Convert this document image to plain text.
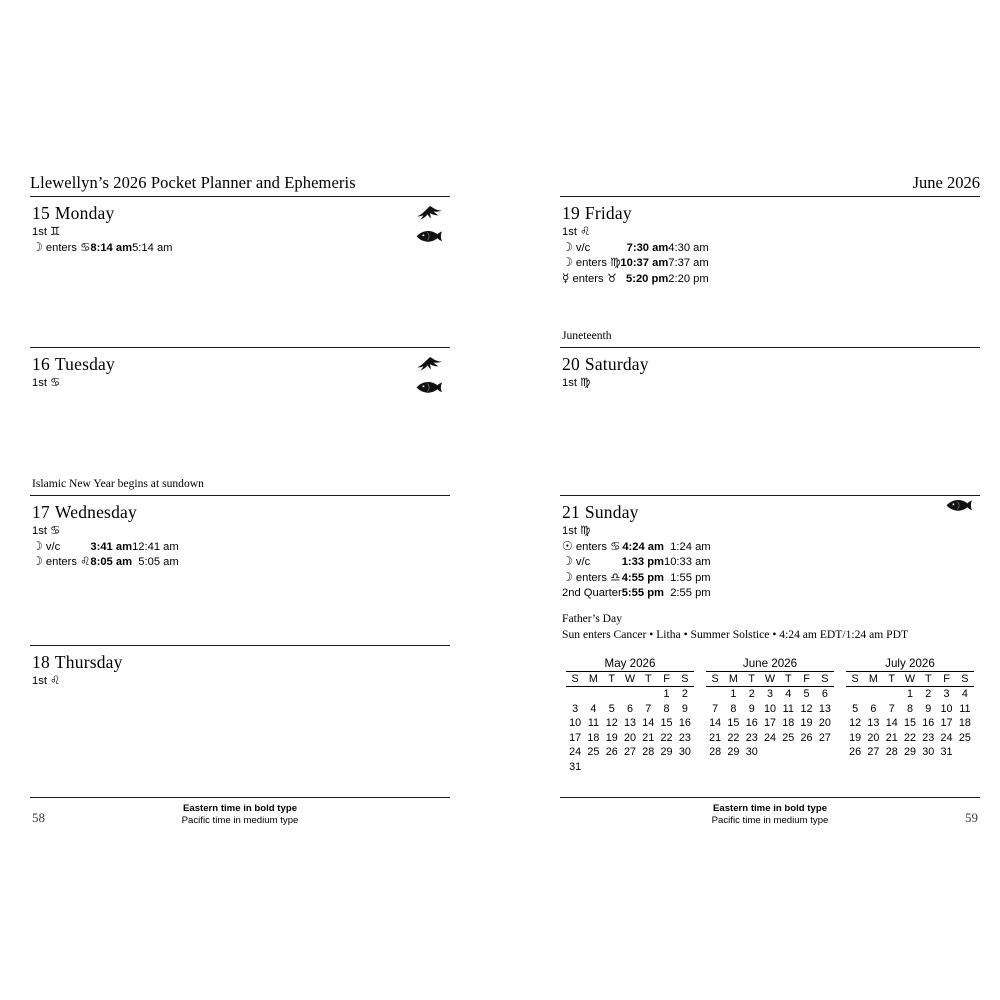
Llewellyn’s 2026 Pocket Planner and Ephemeris
15 Monday
1st ♊
☽ enters ♋	8:14 am	5:14 am
16 Tuesday
1st ♋
Islamic New Year begins at sundown
17 Wednesday
1st ♋
☽ v/c	3:41 am	12:41 am
☽ enters ♌	8:05 am	5:05 am
18 Thursday
1st ♌
Eastern time in bold type
Pacific time in medium type
58
June 2026
19 Friday
1st ♌
☽ v/c	7:30 am	4:30 am
☽ enters ♍	10:37 am	7:37 am
☿ enters ♉	5:20 pm	2:20 pm
Juneteenth
20 Saturday
1st ♍
21 Sunday
1st ♍
☉ enters ♋	4:24 am	1:24 am
☽ v/c	1:33 pm	10:33 am
☽ enters ♎	4:55 pm	1:55 pm
2nd Quarter	5:55 pm	2:55 pm
Father’s Day
Sun enters Cancer • Litha • Summer Solstice • 4:24 am EDT/1:24 am PDT
May 2026
S	M	T	W	T	F	S
					1	2
3	4	5	6	7	8	9
10	11	12	13	14	15	16
17	18	19	20	21	22	23
24	25	26	27	28	29	30
31						
June 2026
S	M	T	W	T	F	S
	1	2	3	4	5	6
7	8	9	10	11	12	13
14	15	16	17	18	19	20
21	22	23	24	25	26	27
28	29	30				

July 2026
S	M	T	W	T	F	S
			1	2	3	4
5	6	7	8	9	10	11
12	13	14	15	16	17	18
19	20	21	22	23	24	25
26	27	28	29	30	31	

Eastern time in bold type
Pacific time in medium type	59
